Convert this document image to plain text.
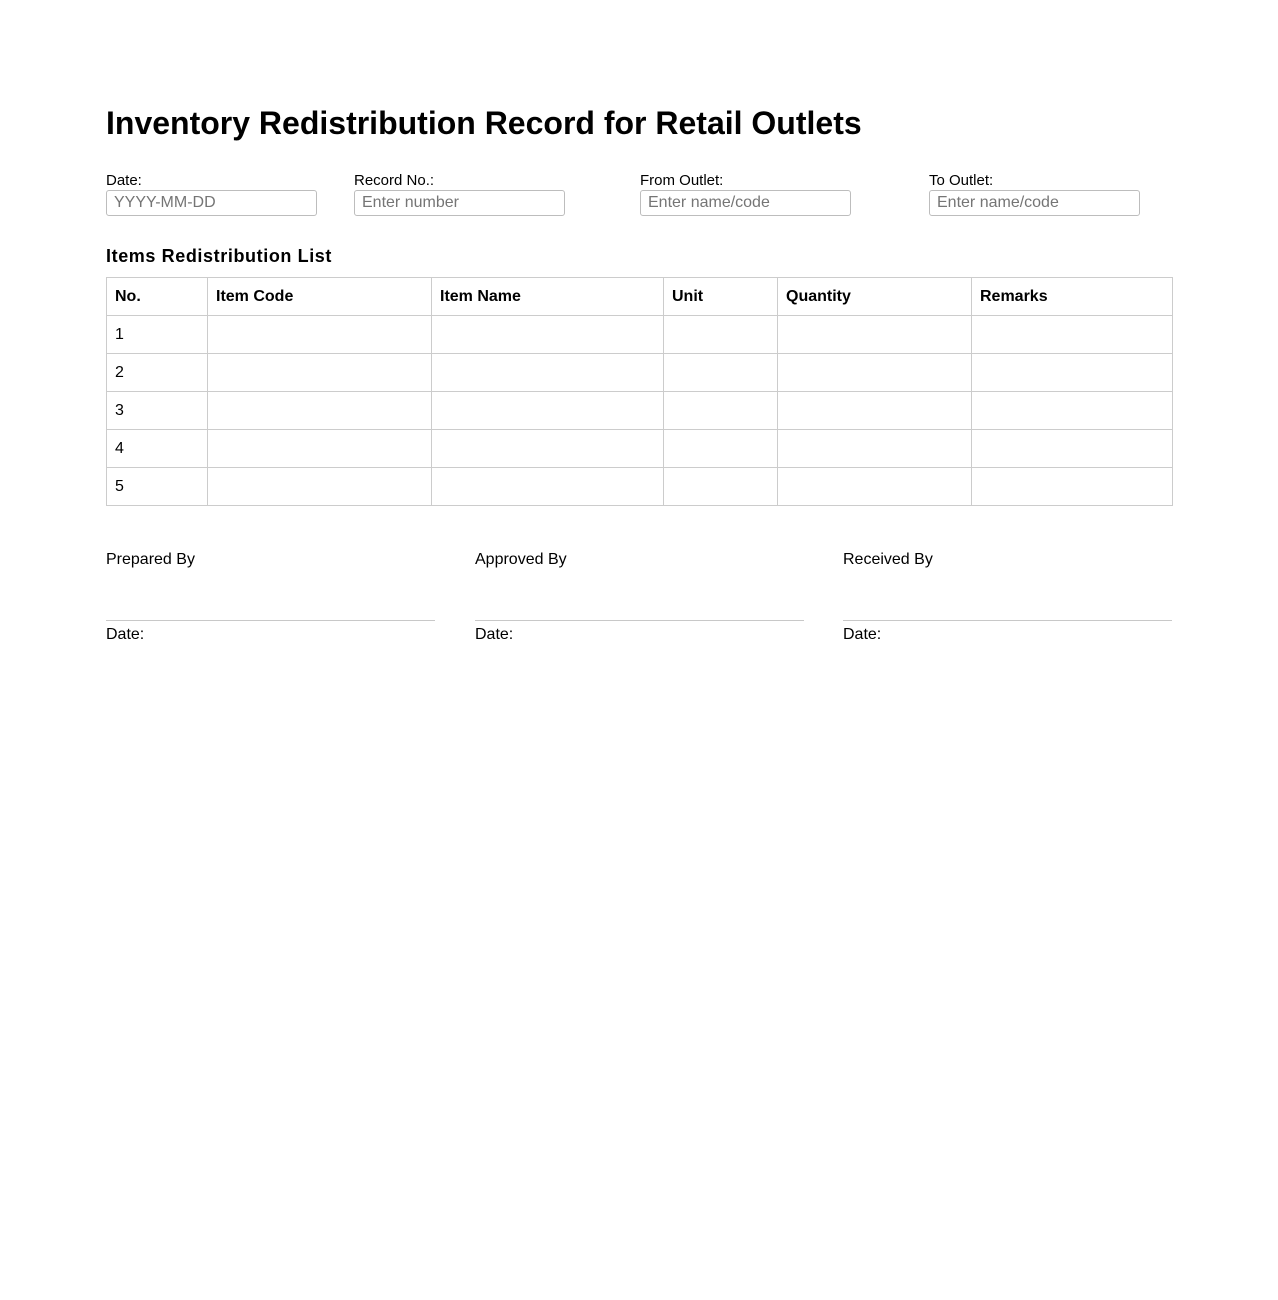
Inventory Redistribution Record for Retail Outlets
Date:
YYYY-MM-DD	Record No.:
Enter number	From Outlet:
Enter name/code	To Outlet:
Enter name/code
Items Redistribution List
No.	Item Code	Item Name	Unit	Quantity	Remarks
1					
2					
3					
4					
5					
Prepared By
Date:
Approved By
Date:
Received By
Date:
